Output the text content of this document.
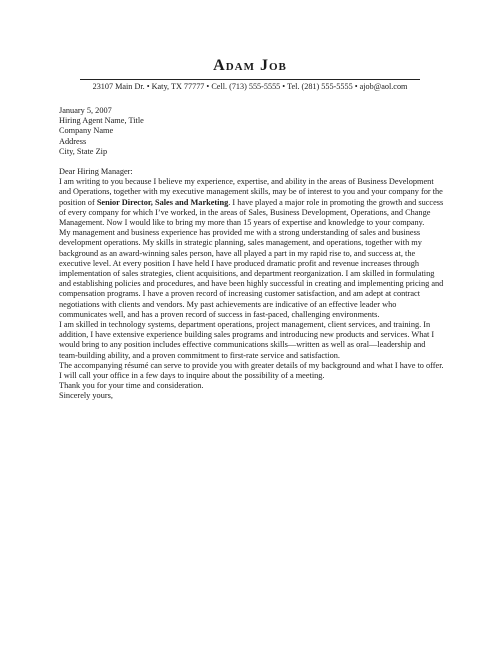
Adam Job
23107 Main Dr. • Katy, TX 77777 • Cell. (713) 555-5555 • Tel. (281) 555-5555 • ajob@aol.com

January 5, 2007

Hiring Agent Name, Title

Company Name

Address

City, State Zip

Dear Hiring Manager:

I am writing to you because I believe my experience, expertise, and ability in the areas of Business Development and Operations, together with my executive management skills, may be of interest to you and your company for the position of Senior Director, Sales and Marketing. I have played a major role in promoting the growth and success of every company for which I’ve worked, in the areas of Sales, Business Development, Operations, and Change Management. Now I would like to bring my more than 15 years of expertise and knowledge to your company.

My management and business experience has provided me with a strong understanding of sales and business development operations. My skills in strategic planning, sales management, and operations, together with my background as an award-winning sales person, have all played a part in my rapid rise to, and success at, the executive level. At every position I have held I have produced dramatic profit and revenue increases through implementation of sales strategies, client acquisitions, and department reorganization. I am skilled in formulating and establishing policies and procedures, and have been highly successful in creating and implementing pricing and compensation programs. I have a proven record of increasing customer satisfaction, and am adept at contract negotiations with clients and vendors. My past achievements are indicative of an effective leader who communicates well, and has a proven record of success in fast-paced, challenging environments.

I am skilled in technology systems, department operations, project management, client services, and training. In addition, I have extensive experience building sales programs and introducing new products and services. What I would bring to any position includes effective communications skills—written as well as oral—leadership and team-building ability, and a proven commitment to first-rate service and satisfaction.

The accompanying résumé can serve to provide you with greater details of my background and what I have to offer.

I will call your office in a few days to inquire about the possibility of a meeting.

Thank you for your time and consideration.

Sincerely yours,
